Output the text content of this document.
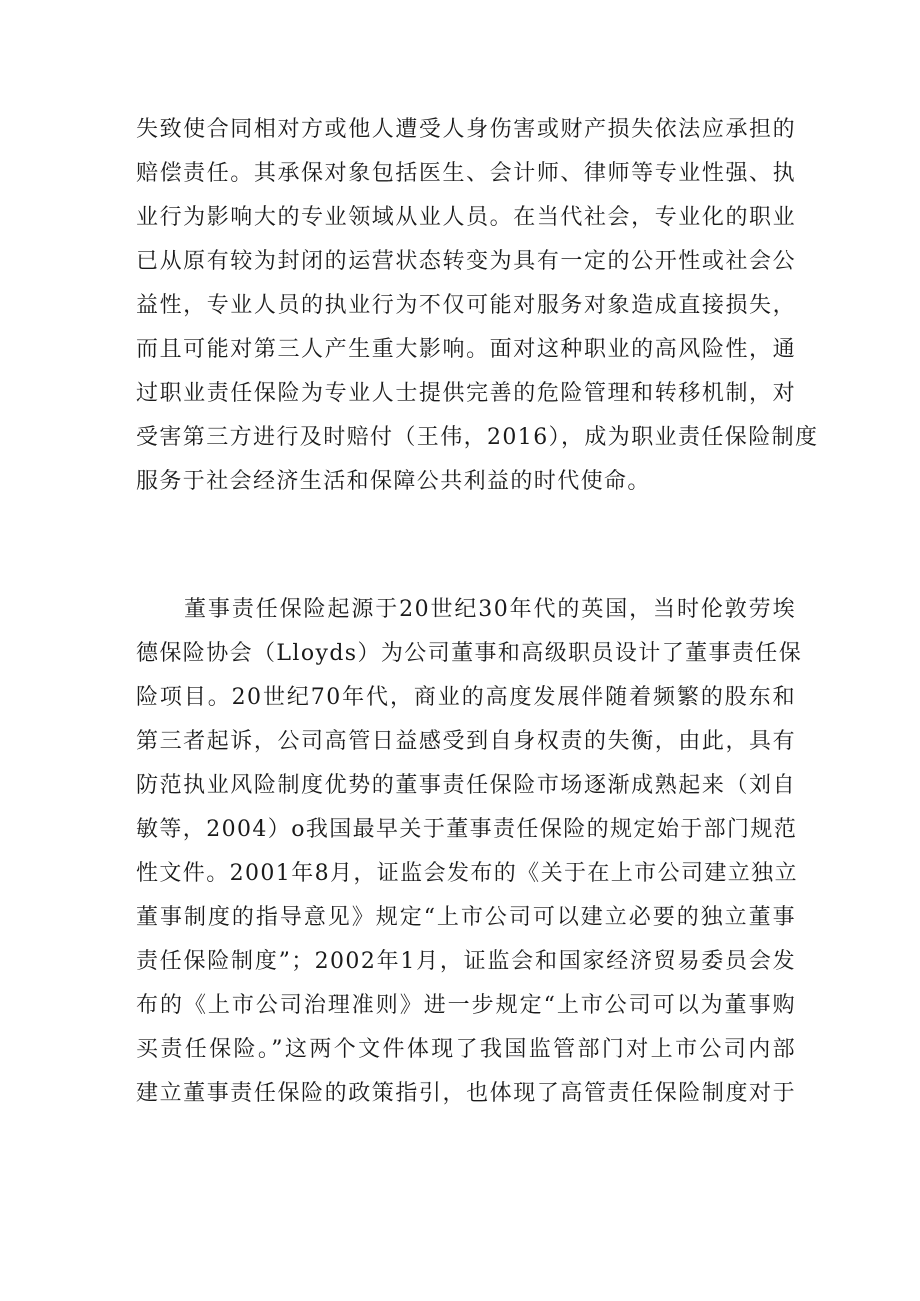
失致使合同相对方或他人遭受人身伤害或财产损失依法应承担的
赔偿责任。其承保对象包括医生、会计师、律师等专业性强、执
业行为影响大的专业领域从业人员。在当代社会，专业化的职业
已从原有较为封闭的运营状态转变为具有一定的公开性或社会公
益性，专业人员的执业行为不仅可能对服务对象造成直接损失，
而且可能对第三人产生重大影响。面对这种职业的高风险性，通
过职业责任保险为专业人士提供完善的危险管理和转移机制，对
受害第三方进行及时赔付（王伟，2016），成为职业责任保险制度
服务于社会经济生活和保障公共利益的时代使命。

董事责任保险起源于20世纪30年代的英国，当时伦敦劳埃
德保险协会（Lloyds）为公司董事和高级职员设计了董事责任保
险项目。20世纪70年代，商业的高度发展伴随着频繁的股东和
第三者起诉，公司高管日益感受到自身权责的失衡，由此，具有
防范执业风险制度优势的董事责任保险市场逐渐成熟起来（刘自
敏等，2004）o我国最早关于董事责任保险的规定始于部门规范
性文件。2001年8月，证监会发布的《关于在上市公司建立独立
董事制度的指导意见》规定“上市公司可以建立必要的独立董事
责任保险制度”；2002年1月，证监会和国家经济贸易委员会发
布的《上市公司治理准则》进一步规定“上市公司可以为董事购
买责任保险。”这两个文件体现了我国监管部门对上市公司内部
建立董事责任保险的政策指引，也体现了高管责任保险制度对于
